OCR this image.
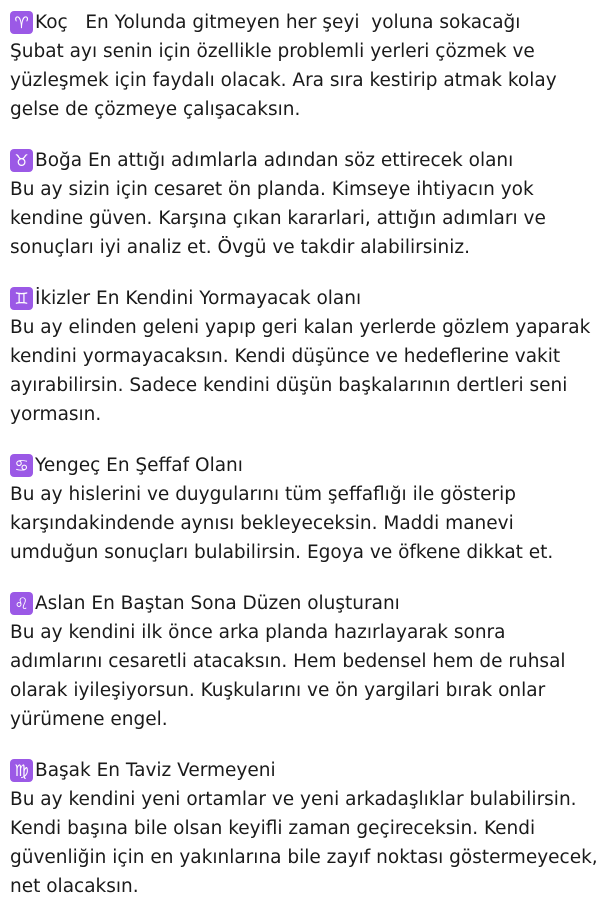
♈ Koç   En Yolunda gitmeyen her şeyi  yoluna sokacağı
Şubat ayı senin için özellikle problemli yerleri çözmek ve
yüzleşmek için faydalı olacak. Ara sıra kestirip atmak kolay
gelse de çözmeye çalışacaksın.
♉ Boğa En attığı adımlarla adından söz ettirecek olanı
Bu ay sizin için cesaret ön planda. Kimseye ihtiyacın yok
kendine güven. Karşına çıkan kararlari, attığın adımları ve
sonuçları iyi analiz et. Övgü ve takdir alabilirsiniz.
♊ İkizler En Kendini Yormayacak olanı
Bu ay elinden geleni yapıp geri kalan yerlerde gözlem yaparak
kendini yormayacaksın. Kendi düşünce ve hedeflerine vakit
ayırabilirsin. Sadece kendini düşün başkalarının dertleri seni
yormasın.
♋ Yengeç En Şeffaf Olanı
Bu ay hislerini ve duygularını tüm şeffaflığı ile gösterip
karşındakindende aynısı bekleyeceksin. Maddi manevi
umduğun sonuçları bulabilirsin. Egoya ve öfkene dikkat et.
♌ Aslan En Baştan Sona Düzen oluşturanı
Bu ay kendini ilk önce arka planda hazırlayarak sonra
adımlarını cesaretli atacaksın. Hem bedensel hem de ruhsal
olarak iyileşiyorsun. Kuşkularını ve ön yargilari bırak onlar
yürümene engel.
♍ Başak En Taviz Vermeyeni
Bu ay kendini yeni ortamlar ve yeni arkadaşlıklar bulabilirsin.
Kendi başına bile olsan keyifli zaman geçireceksin. Kendi
güvenliğin için en yakınlarına bile zayıf noktası göstermeyecek,
net olacaksın.
